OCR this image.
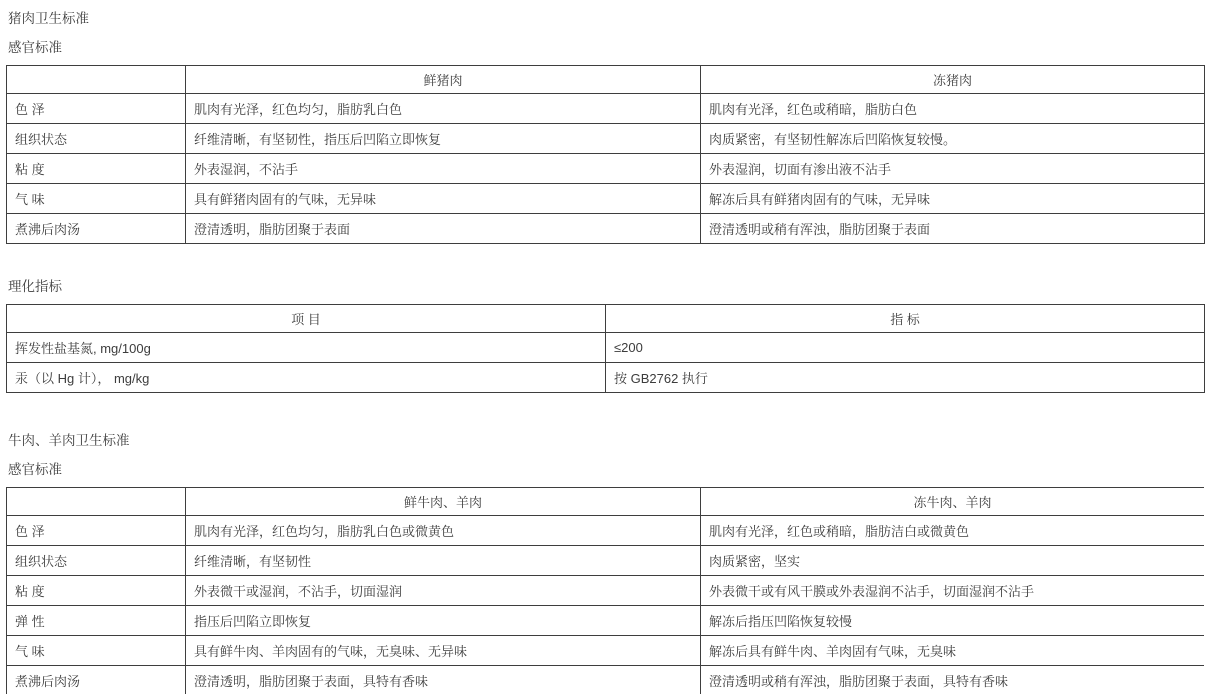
猪肉卫生标准
感官标准
	鲜猪肉	冻猪肉
色 泽	肌肉有光泽，红色均匀，脂肪乳白色	肌肉有光泽，红色或稍暗，脂肪白色
组织状态	纤维清晰，有坚韧性，指压后凹陷立即恢复	肉质紧密，有坚韧性解冻后凹陷恢复较慢。
粘 度	外表湿润，不沾手	外表湿润，切面有渗出液不沾手
气 味	具有鲜猪肉固有的气味，无异味	解冻后具有鲜猪肉固有的气味，无异味
煮沸后肉汤	澄清透明，脂肪团聚于表面	澄清透明或稍有浑浊，脂肪团聚于表面
理化指标
项 目	指 标
挥发性盐基氮, mg/100g	≤200
汞（以 Hg 计）， mg/kg	按 GB2762 执行
牛肉、羊肉卫生标准
感官标准
	鲜牛肉、羊肉	冻牛肉、羊肉
色 泽	肌肉有光泽，红色均匀，脂肪乳白色或微黄色	肌肉有光泽，红色或稍暗，脂肪洁白或微黄色
组织状态	纤维清晰，有坚韧性	肉质紧密，坚实
粘 度	外表微干或湿润，不沾手，切面湿润	外表微干或有风干膜或外表湿润不沾手，切面湿润不沾手
弹 性	指压后凹陷立即恢复	解冻后指压凹陷恢复较慢
气 味	具有鲜牛肉、羊肉固有的气味，无臭味、无异味	解冻后具有鲜牛肉、羊肉固有气味，无臭味
煮沸后肉汤	澄清透明，脂肪团聚于表面，具特有香味	澄清透明或稍有浑浊，脂肪团聚于表面，具特有香味
